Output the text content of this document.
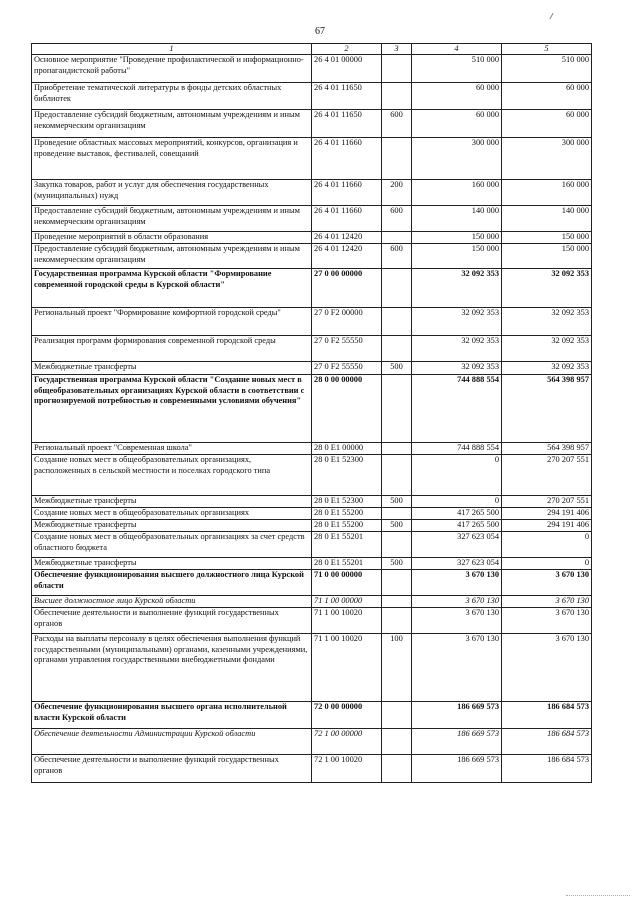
67
1	2	3	4	5
Основное мероприятие "Проведение профилактической и информационно-пропагандистской работы"	26 4 01 00000		510 000	510 000
Приобретение тематической литературы в фонды детских областных библиотек	26 4 01 11650		60 000	60 000
Предоставление субсидий бюджетным, автономным учреждениям и иным некоммерческим организациям	26 4 01 11650	600	60 000	60 000
Проведение областных массовых мероприятий, конкурсов, организация и проведение выставок, фестивалей, совещаний	26 4 01 11660		300 000	300 000
Закупка товаров, работ и услуг для обеспечения государственных (муниципальных) нужд	26 4 01 11660	200	160 000	160 000
Предоставление субсидий бюджетным, автономным учреждениям и иным некоммерческим организациям	26 4 01 11660	600	140 000	140 000
Проведение мероприятий в области образования	26 4 01 12420		150 000	150 000
Предоставление субсидий бюджетным, автономным учреждениям и иным некоммерческим организациям	26 4 01 12420	600	150 000	150 000
Государственная программа Курской области "Формирование современной городской среды в Курской области"	27 0 00 00000		32 092 353	32 092 353
Региональный проект "Формирование комфортной городской среды"	27 0 F2 00000		32 092 353	32 092 353
Реализация программ формирования современной городской среды	27 0 F2 55550		32 092 353	32 092 353
Межбюджетные трансферты	27 0 F2 55550	500	32 092 353	32 092 353
Государственная программа Курской области "Создание новых мест в общеобразовательных организациях Курской области в соответствии с прогнозируемой потребностью и современными условиями обучения"	28 0 00 00000		744 888 554	564 398 957
Региональный проект "Современная школа"	28 0 E1 00000		744 888 554	564 398 957
Создание новых мест в общеобразовательных организациях, расположенных в сельской местности и поселках городского типа	28 0 E1 52300		0	270 207 551
Межбюджетные трансферты	28 0 E1 52300	500	0	270 207 551
Создание новых мест в общеобразовательных организациях	28 0 E1 55200		417 265 500	294 191 406
Межбюджетные трансферты	28 0 E1 55200	500	417 265 500	294 191 406
Создание новых мест в общеобразовательных организациях за счет средств областного бюджета	28 0 E1 55201		327 623 054	0
Межбюджетные трансферты	28 0 E1 55201	500	327 623 054	0
Обеспечение функционирования высшего должностного лица Курской области	71 0 00 00000		3 670 130	3 670 130
Высшее должностное лицо Курской области	71 1 00 00000		3 670 130	3 670 130
Обеспечение деятельности и выполнение функций государственных органов	71 1 00 10020		3 670 130	3 670 130
Расходы на выплаты персоналу в целях обеспечения выполнения функций государственными (муниципальными) органами, казенными учреждениями, органами управления государственными внебюджетными фондами	71 1 00 10020	100	3 670 130	3 670 130
Обеспечение функционирования высшего органа исполнительной власти Курской области	72 0 00 00000		186 669 573	186 684 573
Обеспечение деятельности Администрации Курской области	72 1 00 00000		186 669 573	186 684 573
Обеспечение деятельности и выполнение функций государственных органов	72 1 00 10020		186 669 573	186 684 573
